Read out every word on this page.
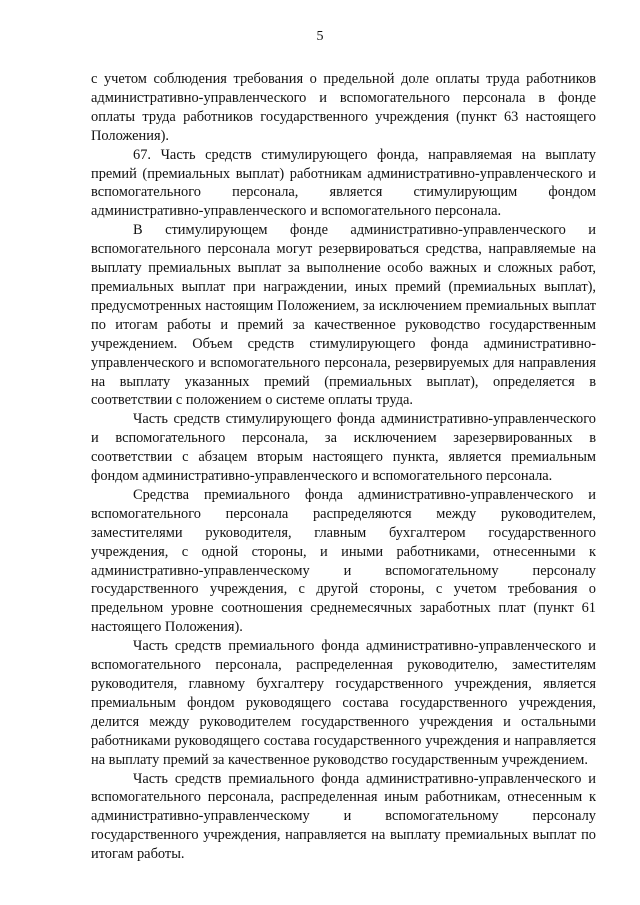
5

с учетом соблюдения требования о предельной доле оплаты труда работников административно-управленческого и вспомогательного персонала в фонде оплаты труда работников государственного учреждения (пункт 63 настоящего Положения).

67. Часть средств стимулирующего фонда, направляемая на выплату премий (премиальных выплат) работникам административно-управленческого и вспомогательного персонала, является стимулирующим фондом административно-управленческого и вспомогательного персонала.

В стимулирующем фонде административно-управленческого и вспомогательного персонала могут резервироваться средства, направляемые на выплату премиальных выплат за выполнение особо важных и сложных работ, премиальных выплат при награждении, иных премий (премиальных выплат), предусмотренных настоящим Положением, за исключением премиальных выплат по итогам работы и премий за качественное руководство государственным учреждением. Объем средств стимулирующего фонда административно-управленческого и вспомогательного персонала, резервируемых для направления на выплату указанных премий (премиальных выплат), определяется в соответствии с положением о системе оплаты труда.

Часть средств стимулирующего фонда административно-управленческого и вспомогательного персонала, за исключением зарезервированных в соответствии с абзацем вторым настоящего пункта, является премиальным фондом административно-управленческого и вспомогательного персонала.

Средства премиального фонда административно-управленческого и вспомогательного персонала распределяются между руководителем, заместителями руководителя, главным бухгалтером государственного учреждения, с одной стороны, и иными работниками, отнесенными к административно-управленческому и вспомогательному персоналу государственного учреждения, с другой стороны, с учетом требования о предельном уровне соотношения среднемесячных заработных плат (пункт 61 настоящего Положения).

Часть средств премиального фонда административно-управленческого и вспомогательного персонала, распределенная руководителю, заместителям руководителя, главному бухгалтеру государственного учреждения, является премиальным фондом руководящего состава государственного учреждения, делится между руководителем государственного учреждения и остальными работниками руководящего состава государственного учреждения и направляется на выплату премий за качественное руководство государственным учреждением.

Часть средств премиального фонда административно-управленческого и вспомогательного персонала, распределенная иным работникам, отнесенным к административно-управленческому и вспомогательному персоналу государственного учреждения, направляется на выплату премиальных выплат по итогам работы.
